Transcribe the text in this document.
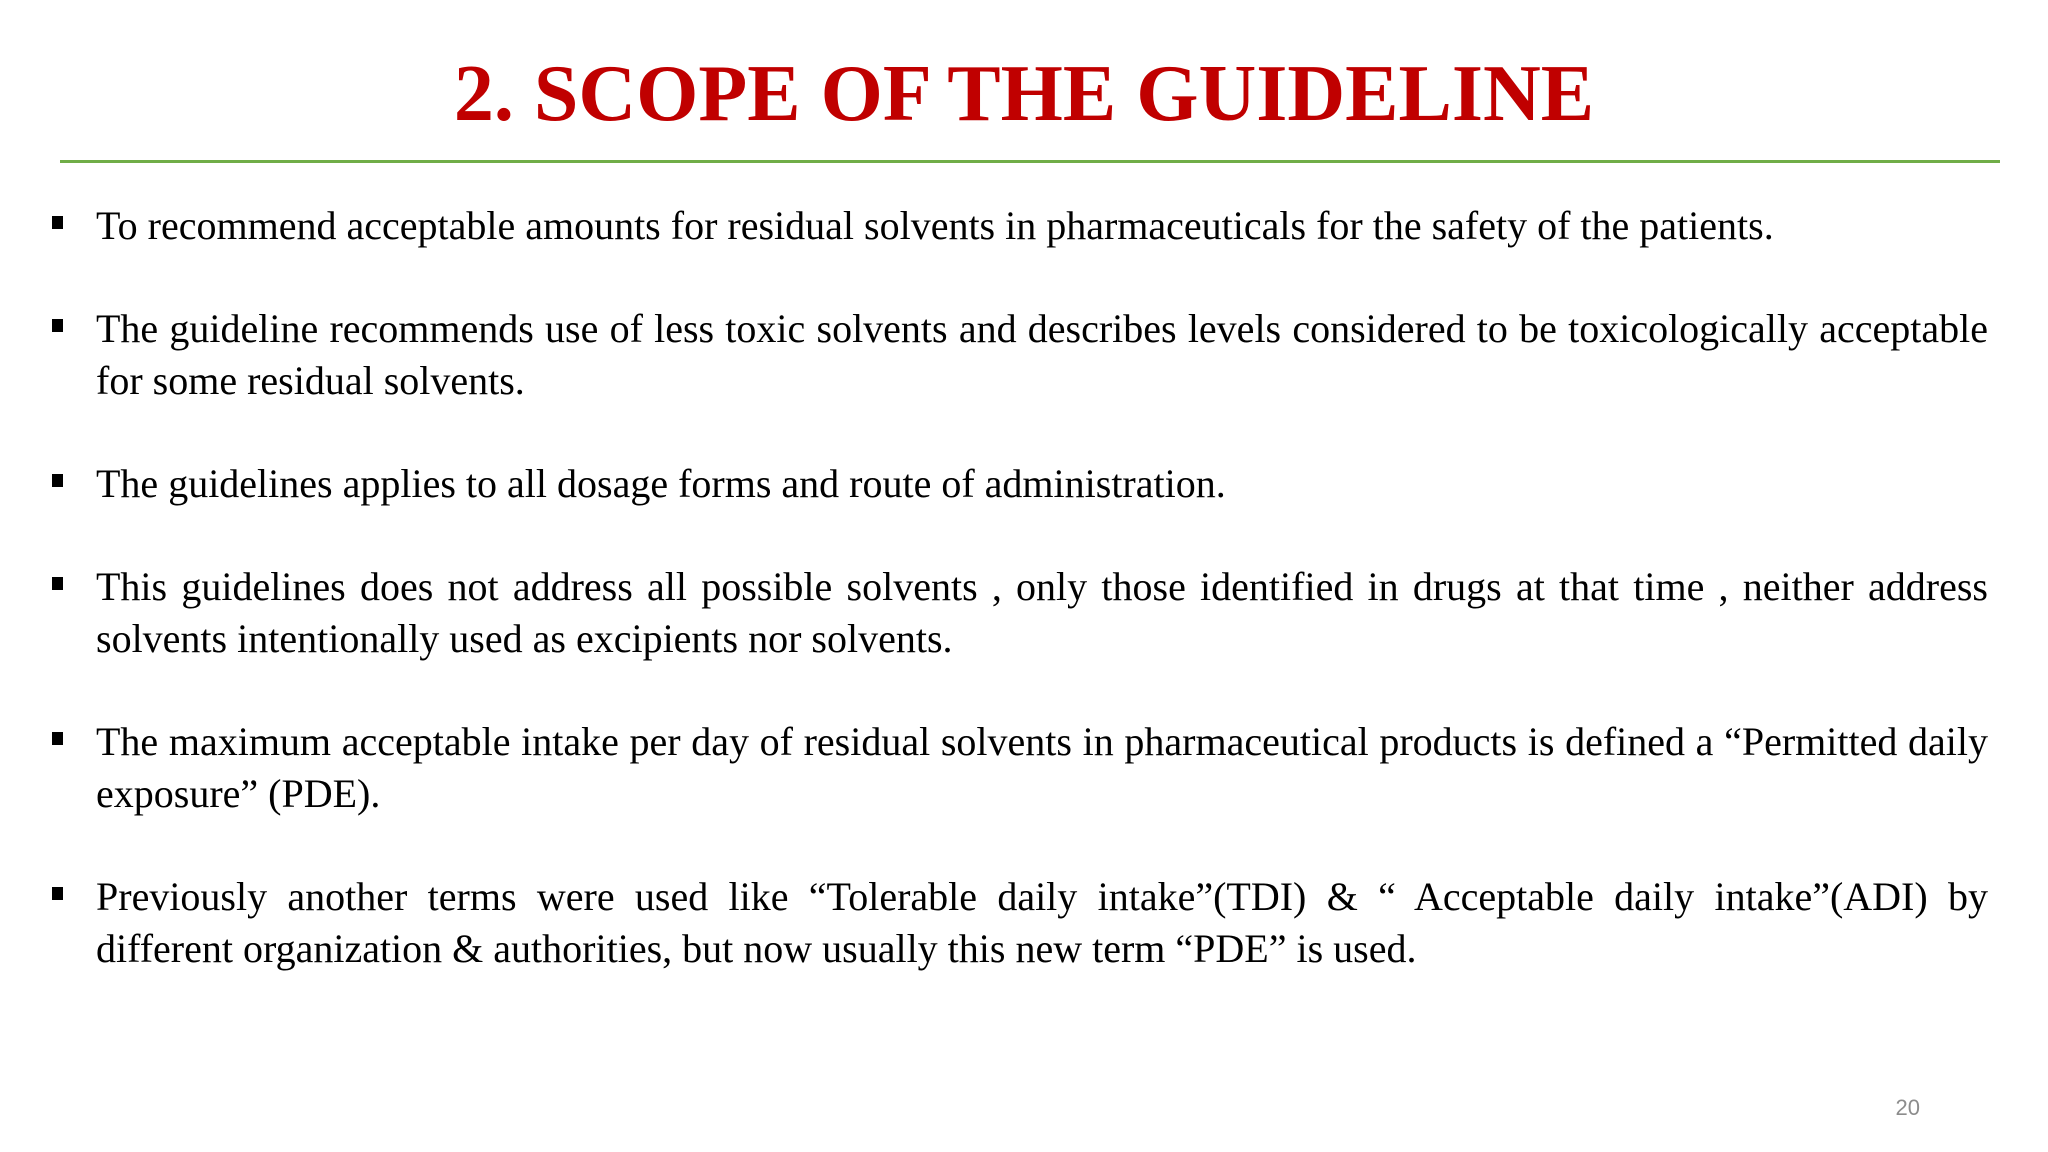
2. SCOPE OF THE GUIDELINE
To recommend acceptable amounts for residual solvents in pharmaceuticals for the safety of the patients.
The guideline recommends use of less toxic solvents and describes levels considered to be toxicologically acceptable for some residual solvents.
The guidelines applies to all dosage forms and route of administration.
This guidelines does not address all possible solvents , only those identified in drugs at that time , neither address solvents intentionally used as excipients nor solvents.
The maximum acceptable intake per day of residual solvents in pharmaceutical products is defined a “Permitted daily exposure” (PDE).
Previously another terms were used like “Tolerable daily intake”(TDI) & “ Acceptable daily intake”(ADI) by different organization & authorities, but now usually this new term “PDE” is used.
20
